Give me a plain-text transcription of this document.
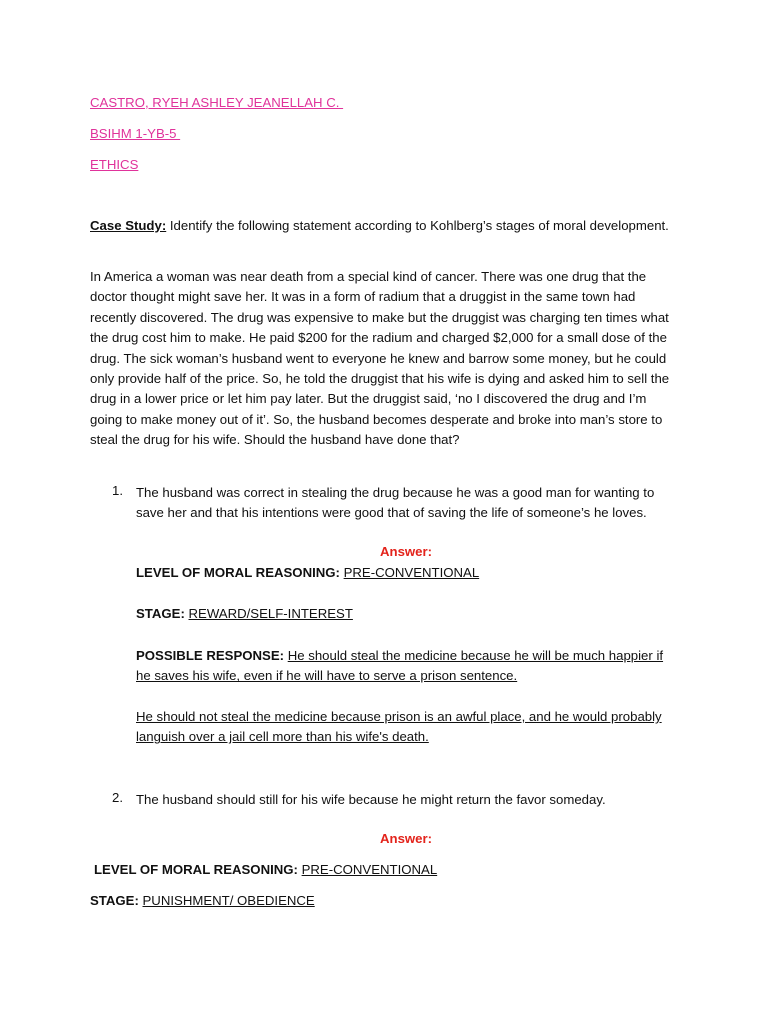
CASTRO, RYEH ASHLEY JEANELLAH C.
BSIHM 1-YB-5
ETHICS
Case Study: Identify the following statement according to Kohlberg’s stages of moral development.
In America a woman was near death from a special kind of cancer. There was one drug that the doctor thought might save her. It was in a form of radium that a druggist in the same town had recently discovered. The drug was expensive to make but the druggist was charging ten times what the drug cost him to make. He paid $200 for the radium and charged $2,000 for a small dose of the drug. The sick woman’s husband went to everyone he knew and barrow some money, but he could only provide half of the price. So, he told the druggist that his wife is dying and asked him to sell the drug in a lower price or let him pay later. But the druggist said, ‘no I discovered the drug and I’m going to make money out of it’. So, the husband becomes desperate and broke into man’s store to steal the drug for his wife. Should the husband have done that?
1. The husband was correct in stealing the drug because he was a good man for wanting to save her and that his intentions were good that of saving the life of someone’s he loves.
Answer:
LEVEL OF MORAL REASONING: PRE-CONVENTIONAL
STAGE: REWARD/SELF-INTEREST
POSSIBLE RESPONSE: He should steal the medicine because he will be much happier if he saves his wife, even if he will have to serve a prison sentence.
He should not steal the medicine because prison is an awful place, and he would probably languish over a jail cell more than his wife's death.
2. The husband should still for his wife because he might return the favor someday.
Answer:
LEVEL OF MORAL REASONING: PRE-CONVENTIONAL
STAGE: PUNISHMENT/ OBEDIENCE
